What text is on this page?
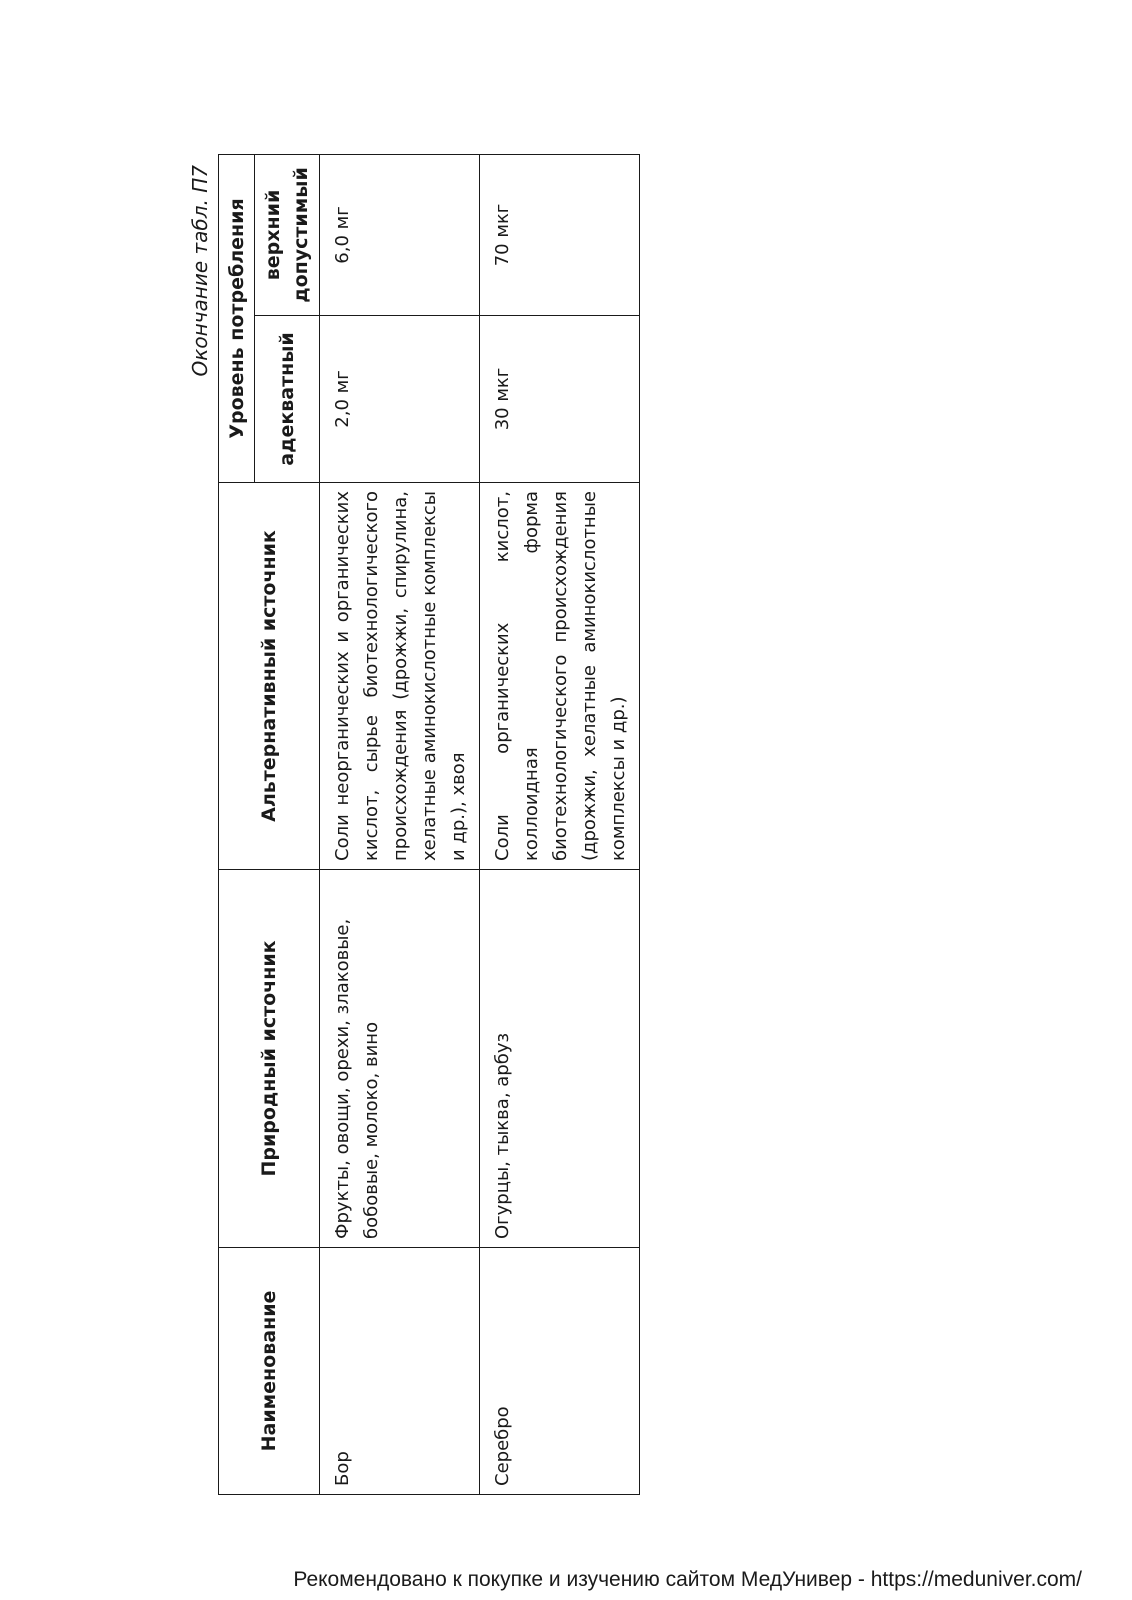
Окончание табл. П7
Наименование	Природный источник	Альтернативный источник	Уровень потребления	
			адекватный	верхний допустимый
Бор	Фрукты, овощи, орехи, злаковые, бобовые, молоко, вино	Соли неорганических и органических кислот, сырье биотехнологического происхождения (дрожжи, спирулина, хелатные аминокислотные комплексы и др.), хвоя	2,0 мг	6,0 мг
Серебро	Огурцы, тыква, арбуз	Соли органических кислот, коллоидная форма биотехнологического происхождения (дрожжи, хелатные аминокислотные комплексы и др.)	30 мкг	70 мкг
Рекомендовано к покупке и изучению сайтом МедУнивер - https://meduniver.com/
